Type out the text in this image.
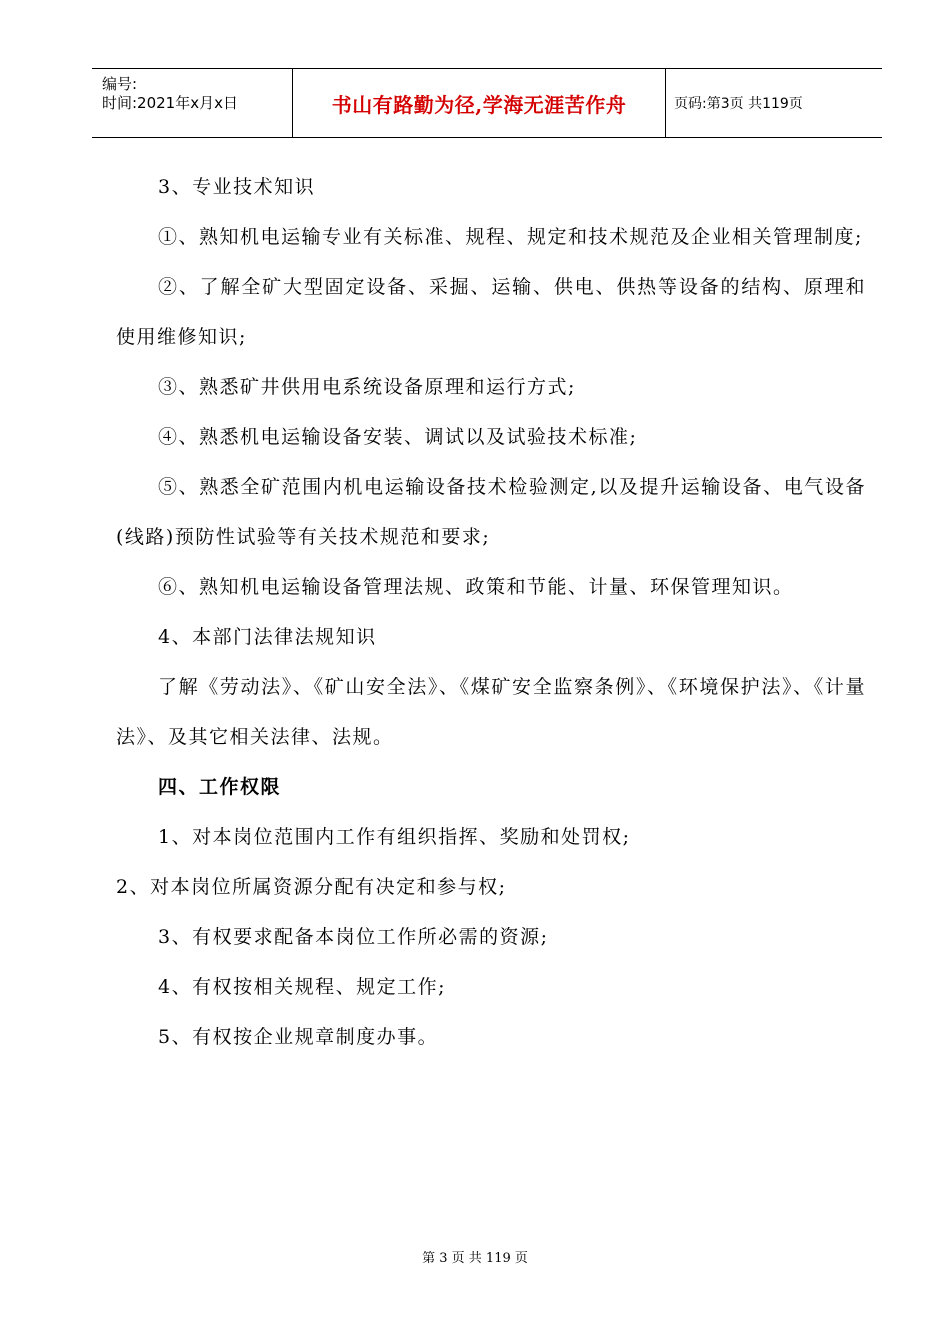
编号:
时间:2021年x月x日	书山有路勤为径,学海无涯苦作舟	页码:第3页 共119页

3、专业技术知识

①、熟知机电运输专业有关标准、规程、规定和技术规范及企业相关管理制度;

②、了解全矿大型固定设备、采掘、运输、供电、供热等设备的结构、原理和使用维修知识;

③、熟悉矿井供用电系统设备原理和运行方式;

④、熟悉机电运输设备安装、调试以及试验技术标准;

⑤、熟悉全矿范围内机电运输设备技术检验测定,以及提升运输设备、电气设备(线路)预防性试验等有关技术规范和要求;

⑥、熟知机电运输设备管理法规、政策和节能、计量、环保管理知识。

4、本部门法律法规知识

了解《劳动法》、《矿山安全法》、《煤矿安全监察条例》、《环境保护法》、《计量法》、及其它相关法律、法规。

四、工作权限

1、对本岗位范围内工作有组织指挥、奖励和处罚权;

2、对本岗位所属资源分配有决定和参与权;

3、有权要求配备本岗位工作所必需的资源;

4、有权按相关规程、规定工作;

5、有权按企业规章制度办事。

第 3 页 共 119 页
